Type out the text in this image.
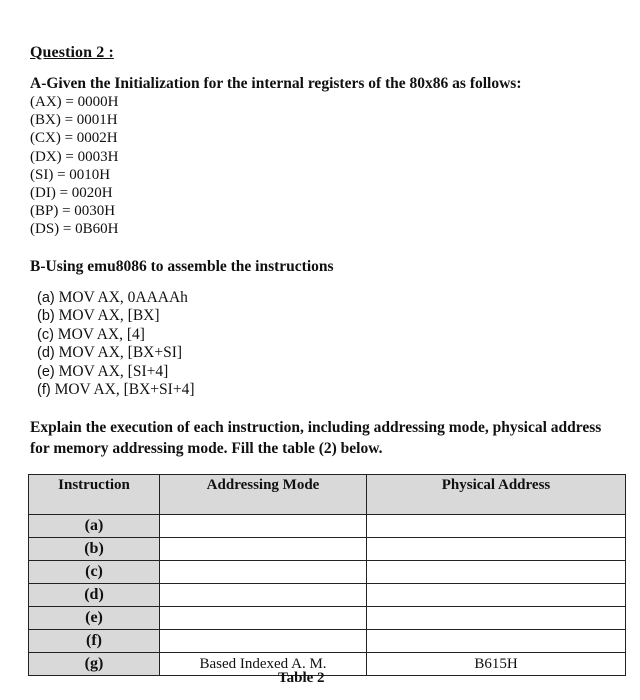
Question 2 :
A-Given the Initialization for the internal registers of the 80x86 as follows:
(AX) = 0000H
(BX) = 0001H
(CX) = 0002H
(DX) = 0003H
(SI) = 0010H
(DI) = 0020H
(BP) = 0030H
(DS) = 0B60H
B-Using emu8086 to assemble the instructions
(a) MOV AX, 0AAAAh
(b) MOV AX, [BX]
(c) MOV AX, [4]
(d) MOV AX, [BX+SI]
(e) MOV AX, [SI+4]
(f) MOV AX, [BX+SI+4]
Explain the execution of each instruction, including addressing mode, physical address for memory addressing mode. Fill the table (2) below.
Instruction	Addressing Mode	Physical Address
(a)		
(b)		
(c)		
(d)		
(e)		
(f)		
(g)	Based Indexed A. M.	B615H
Table 2
